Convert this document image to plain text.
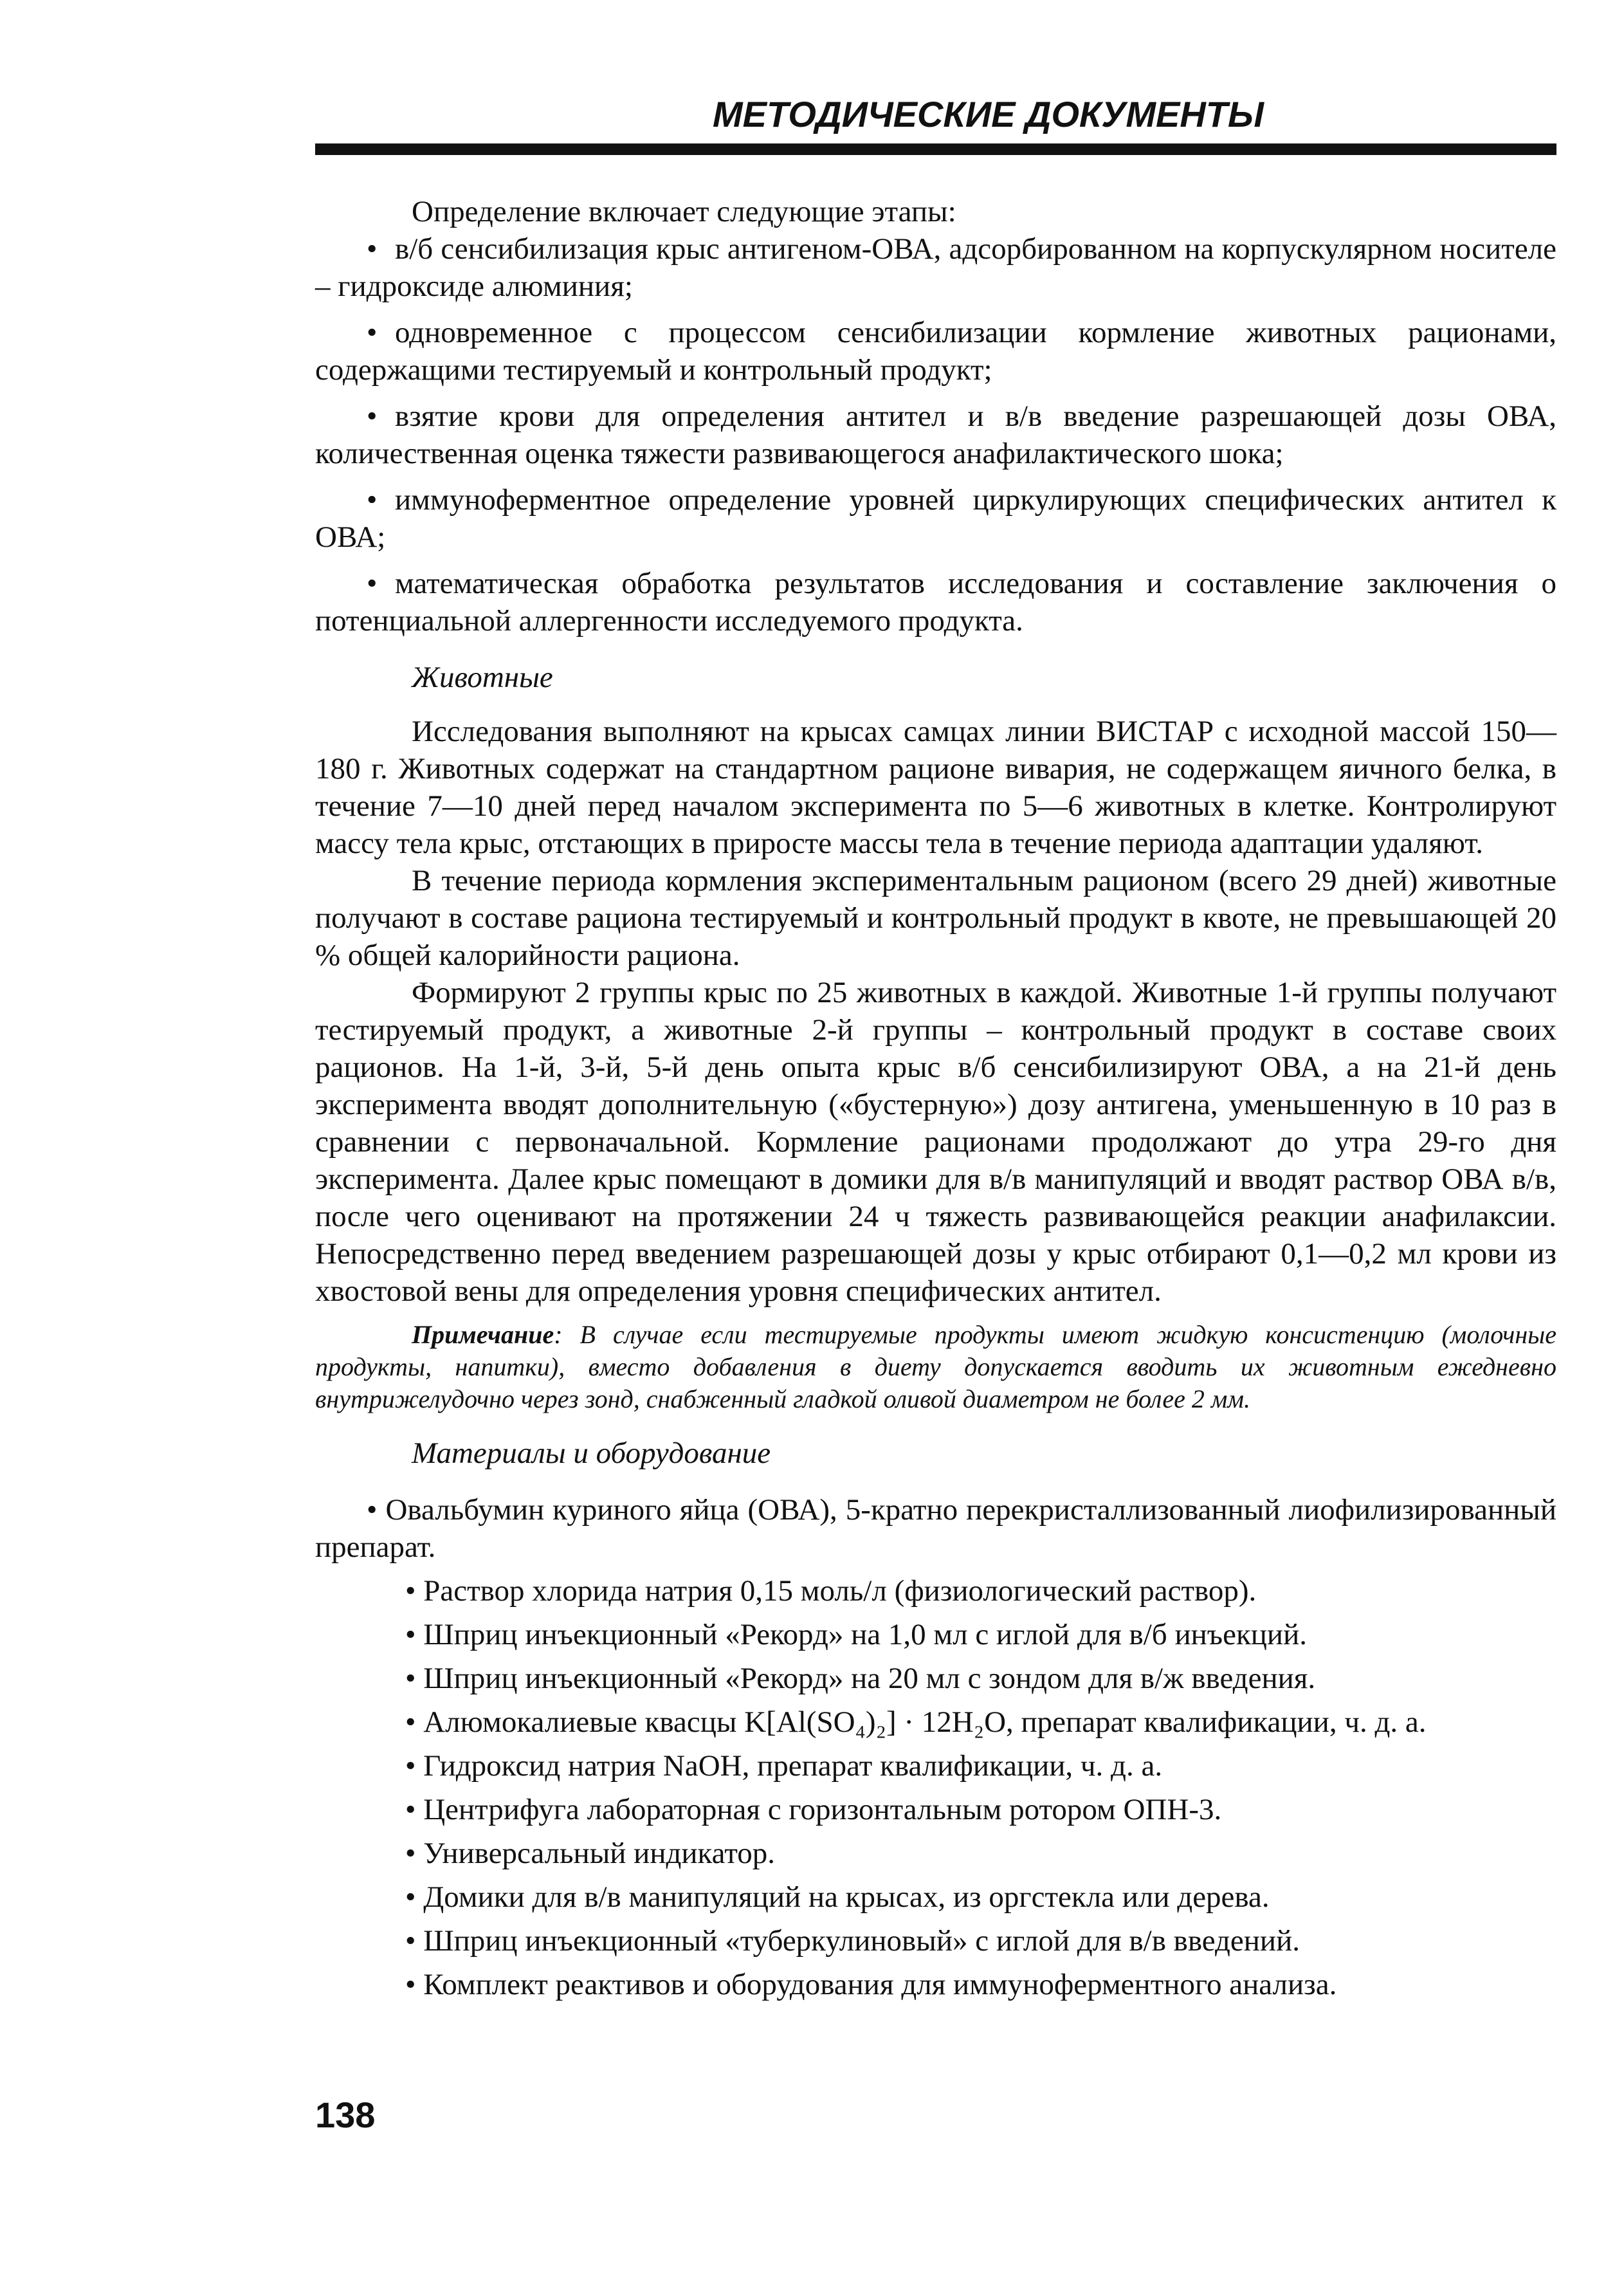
МЕТОДИЧЕСКИЕ ДОКУМЕНТЫ

Определение включает следующие этапы:

• в/б сенсибилизация крыс антигеном-ОВА, адсорбированном на корпускулярном носителе – гидроксиде алюминия;

• одновременное с процессом сенсибилизации кормление животных рационами, содержащими тестируемый и контрольный продукт;

• взятие крови для определения антител и в/в введение разрешающей дозы ОВА, количественная оценка тяжести развивающегося анафилактического шока;

• иммуноферментное определение уровней циркулирующих специфических антител к ОВА;

• математическая обработка результатов исследования и составление заключения о потенциальной аллергенности исследуемого продукта.

Животные

Исследования выполняют на крысах самцах линии ВИСТАР с исходной массой 150—180 г. Животных содержат на стандартном рационе вивария, не содержащем яичного белка, в течение 7—10 дней перед началом эксперимента по 5—6 животных в клетке. Контролируют массу тела крыс, отстающих в приросте массы тела в течение периода адаптации удаляют.

В течение периода кормления экспериментальным рационом (всего 29 дней) животные получают в составе рациона тестируемый и контрольный продукт в квоте, не превышающей 20 % общей калорийности рациона.

Формируют 2 группы крыс по 25 животных в каждой. Животные 1-й группы получают тестируемый продукт, а животные 2-й группы – контрольный продукт в составе своих рационов. На 1-й, 3-й, 5-й день опыта крыс в/б сенсибилизируют ОВА, а на 21-й день эксперимента вводят дополнительную («бустерную») дозу антигена, уменьшенную в 10 раз в сравнении с первоначальной. Кормление рационами продолжают до утра 29-го дня эксперимента. Далее крыс помещают в домики для в/в манипуляций и вводят раствор ОВА в/в, после чего оценивают на протяжении 24 ч тяжесть развивающейся реакции анафилаксии. Непосредственно перед введением разрешающей дозы у крыс отбирают 0,1—0,2 мл крови из хвостовой вены для определения уровня специфических антител.

Примечание: В случае если тестируемые продукты имеют жидкую консистенцию (молочные продукты, напитки), вместо добавления в диету допускается вводить их животным ежедневно внутрижелудочно через зонд, снабженный гладкой оливой диаметром не более 2 мм.

Материалы и оборудование

• Овальбумин куриного яйца (ОВА), 5-кратно перекристаллизованный лиофилизированный препарат.

• Раствор хлорида натрия 0,15 моль/л (физиологический раствор).

• Шприц инъекционный «Рекорд» на 1,0 мл с иглой для в/б инъекций.

• Шприц инъекционный «Рекорд» на 20 мл с зондом для в/ж введения.

• Алюмокалиевые квасцы K[Al(SO₄)₂] · 12H₂O, препарат квалификации, ч. д. а.

• Гидроксид натрия NaOH, препарат квалификации, ч. д. а.

• Центрифуга лабораторная с горизонтальным ротором ОПН-3.

• Универсальный индикатор.

• Домики для в/в манипуляций на крысах, из оргстекла или дерева.

• Шприц инъекционный «туберкулиновый» с иглой для в/в введений.

• Комплект реактивов и оборудования для иммуноферментного анализа.

138
